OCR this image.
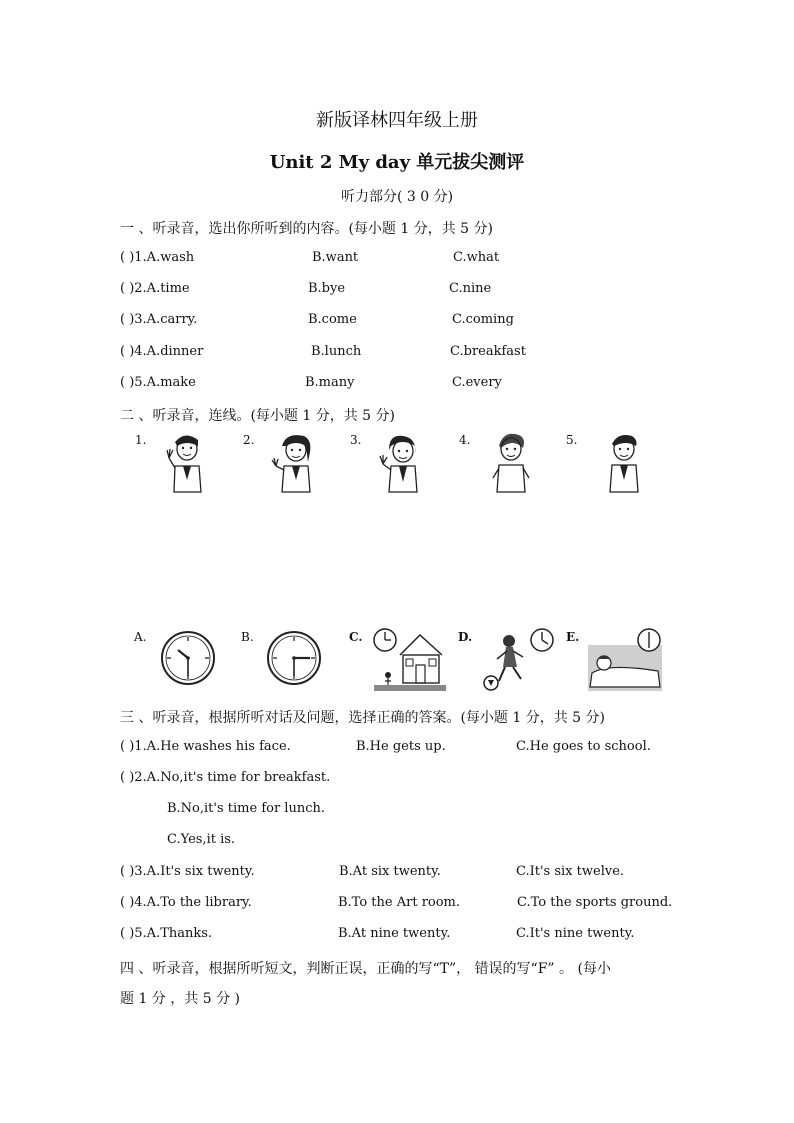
新版译林四年级上册
Unit 2 My day 单元拔尖测评
听力部分( 3 0 分)
一 、听录音，选出你所听到的内容。(每小题 1 分，共 5 分)
( )1.A.wash	B.want	C.what
( )2.A.time	B.bye	C.nine
( )3.A.carry.	B.come	C.coming
( )4.A.dinner	B.lunch	C.breakfast
( )5.A.make	B.many	C.every
二 、听录音，连线。(每小题 1 分，共 5 分)
1.	2.	3.	4.	5.
A.	B.	C.	D.	E.
三 、听录音，根据所听对话及问题，选择正确的答案。(每小题 1 分，共 5 分)
( )1.A.He washes his face.	B.He gets up.	C.He goes to school.
( )2.A.No,it's time for breakfast.
B.No,it's time for lunch.
C.Yes,it is.
( )3.A.It's six twenty.	B.At six twenty.	C.It's six twelve.
( )4.A.To the library.	B.To the Art room.	C.To the sports ground.
( )5.A.Thanks.	B.At nine twenty.	C.It's nine twenty.
四 、听录音，根据所听短文，判断正误，正确的写“T”， 错误的写“F” 。 (每小
题 1 分 ，共 5 分 )
